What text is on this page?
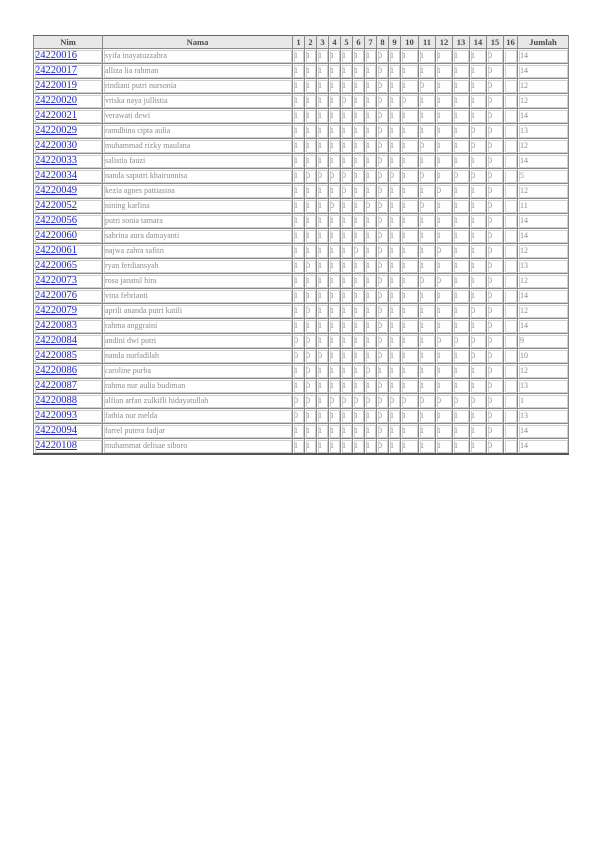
Nim	Nama	1	2	3	4	5	6	7	8	9	10	11	12	13	14	15	16	Jumlah
24220016	syifa inayatuzzahra	1	1	1	1	1	1	1	0	1	1	1	1	1	1	0		14
24220017	alliza lia rahman	1	1	1	1	1	1	1	0	1	1	1	1	1	1	0		14
24220019	rindiani putri nursonia	1	1	1	1	1	1	1	0	1	1	0	1	1	1	0		12
24220020	vriska naya jullistia	1	1	1	1	0	1	1	0	1	0	1	1	1	1	0		12
24220021	verawati dewi	1	1	1	1	1	1	1	0	1	1	1	1	1	1	0		14
24220029	ramdhina cipta aulia	1	1	1	1	1	1	1	0	1	1	1	1	1	0	0		13
24220030	muhammad rizky maulana	1	1	1	1	1	1	1	0	1	1	0	1	1	0	0		12
24220033	salistia fauzi	1	1	1	1	1	1	1	0	1	1	1	1	1	1	0		14
24220034	nanda saputri khairunnisa	1	0	0	0	0	1	1	0	0	1	0	1	0	0	0		5
24220049	kezia agnes pattiasina	1	1	1	1	0	1	1	0	1	1	1	0	1	1	0		12
24220052	nining karlina	1	1	1	0	1	1	0	0	1	1	0	1	1	1	0		11
24220056	putri sonia tamara	1	1	1	1	1	1	1	0	1	1	1	1	1	1	0		14
24220060	sabrina aura damayanti	1	1	1	1	1	1	1	0	1	1	1	1	1	1	0		14
24220061	najwa zahra safitri	1	1	1	1	1	0	1	0	1	1	1	0	1	1	0		12
24220065	ryan ferdiansyah	1	0	1	1	1	1	1	0	1	1	1	1	1	1	0		13
24220073	rosa janatul hira	1	1	1	1	1	1	1	0	1	1	0	0	1	1	0		12
24220076	vina febrianti	1	1	1	1	1	1	1	0	1	1	1	1	1	1	0		14
24220079	aprili ananda putri katili	1	0	1	1	1	1	1	0	1	1	1	1	1	0	0		12
24220083	rahma anggraini	1	1	1	1	1	1	1	0	1	1	1	1	1	1	0		14
24220084	andini dwi putri	0	0	1	1	1	1	1	0	1	1	1	0	0	0	0		9
24220085	nanda nurfadilah	0	0	0	1	1	1	1	0	1	1	1	1	1	0	0		10
24220086	caroline purba	1	0	1	1	1	1	0	1	1	1	1	1	1	1	0		12
24220087	rahma nur aulia budiman	1	0	1	1	1	1	1	0	1	1	1	1	1	1	0		13
24220088	alfian arfan zulkifli hidayatullah	0	0	1	0	0	0	0	0	0	0	0	0	0	0	0		1
24220093	fathia nur melda	0	1	1	1	1	1	1	0	1	1	1	1	1	1	0		13
24220094	farrel putera fadjar	1	1	1	1	1	1	1	0	1	1	1	1	1	1	0		14
24220108	muhammat delisae siboro	1	1	1	1	1	1	1	0	1	1	1	1	1	1	0		14
